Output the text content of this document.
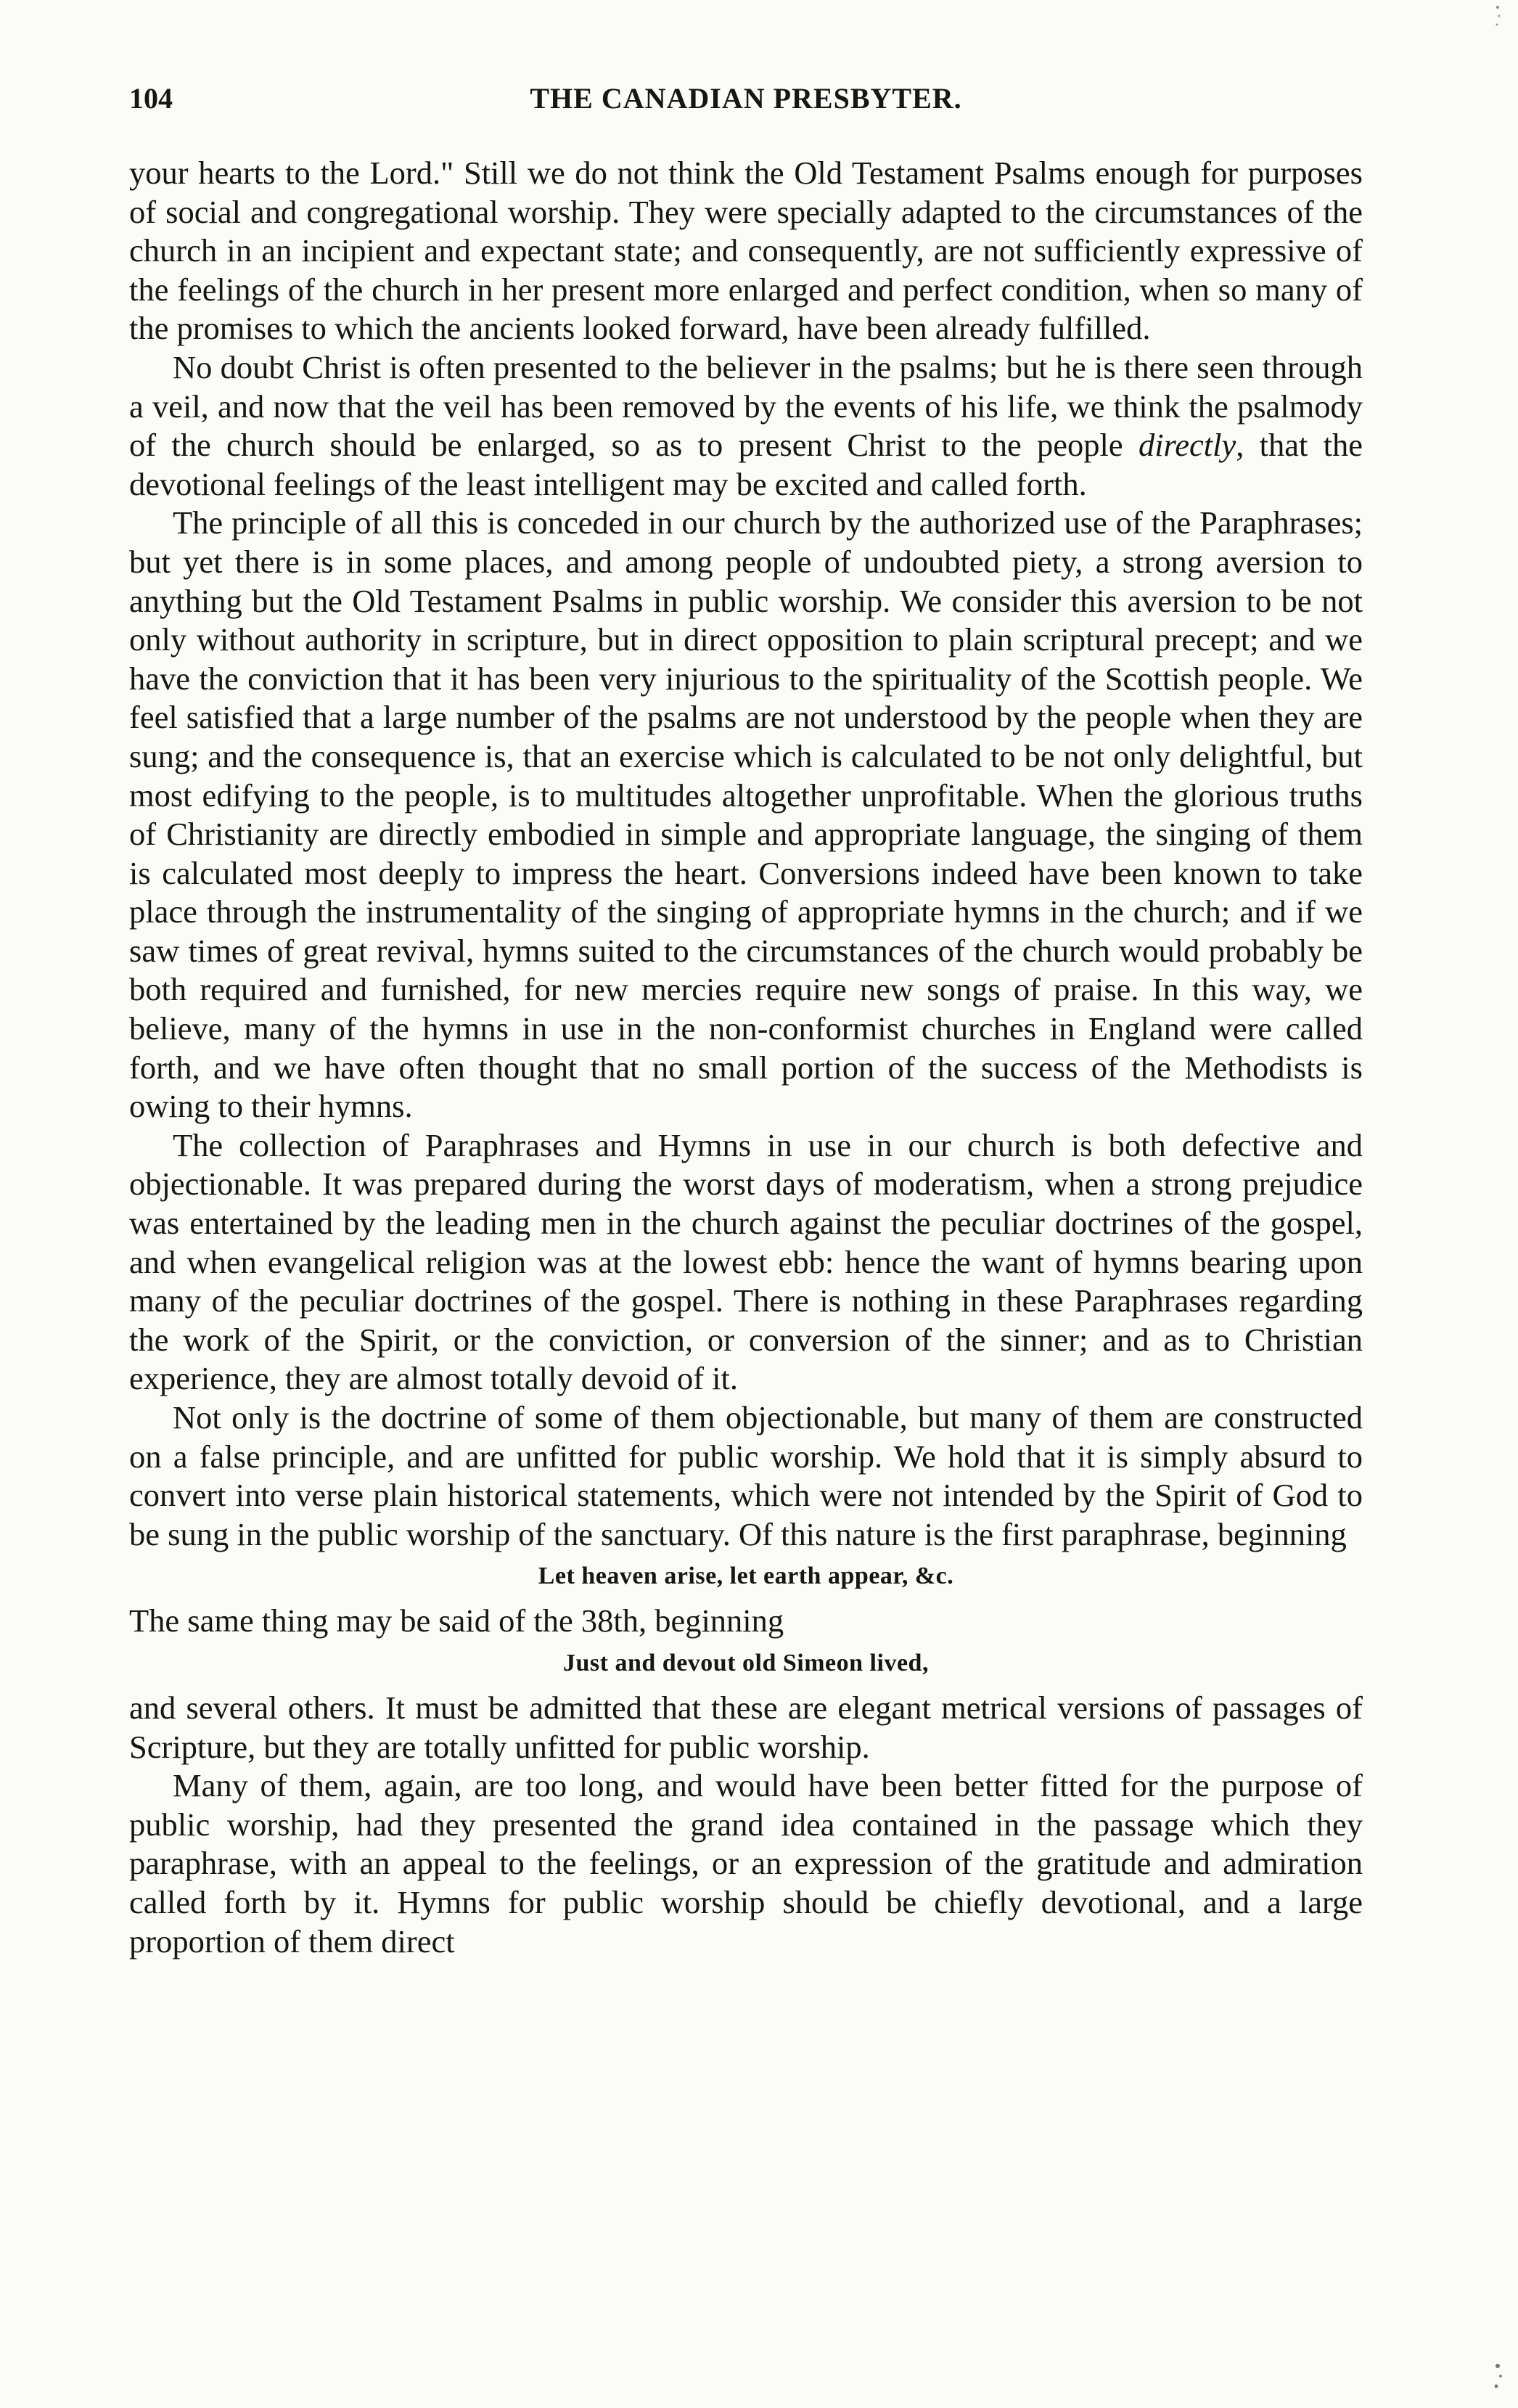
104	THE CANADIAN PRESBYTER.

your hearts to the Lord." Still we do not think the Old Testament Psalms enough for purposes of social and congregational worship. They were specially adapted to the circumstances of the church in an incipient and expectant state; and consequently, are not sufficiently expressive of the feelings of the church in her present more enlarged and perfect condition, when so many of the promises to which the ancients looked forward, have been already fulfilled.

No doubt Christ is often presented to the believer in the psalms; but he is there seen through a veil, and now that the veil has been removed by the events of his life, we think the psalmody of the church should be enlarged, so as to present Christ to the people directly, that the devotional feelings of the least intelligent may be excited and called forth.

The principle of all this is conceded in our church by the authorized use of the Paraphrases; but yet there is in some places, and among people of undoubted piety, a strong aversion to anything but the Old Testament Psalms in public worship. We consider this aversion to be not only without authority in scripture, but in direct opposition to plain scriptural precept; and we have the conviction that it has been very injurious to the spirituality of the Scottish people. We feel satisfied that a large number of the psalms are not understood by the people when they are sung; and the consequence is, that an exercise which is calculated to be not only delightful, but most edifying to the people, is to multitudes altogether unprofitable. When the glorious truths of Christianity are directly embodied in simple and appropriate language, the singing of them is calculated most deeply to impress the heart. Conversions indeed have been known to take place through the instrumentality of the singing of appropriate hymns in the church; and if we saw times of great revival, hymns suited to the circumstances of the church would probably be both required and furnished, for new mercies require new songs of praise. In this way, we believe, many of the hymns in use in the non-conformist churches in England were called forth, and we have often thought that no small portion of the success of the Methodists is owing to their hymns.

The collection of Paraphrases and Hymns in use in our church is both defective and objectionable. It was prepared during the worst days of moderatism, when a strong prejudice was entertained by the leading men in the church against the peculiar doctrines of the gospel, and when evangelical religion was at the lowest ebb: hence the want of hymns bearing upon many of the peculiar doctrines of the gospel. There is nothing in these Paraphrases regarding the work of the Spirit, or the conviction, or conversion of the sinner; and as to Christian experience, they are almost totally devoid of it.

Not only is the doctrine of some of them objectionable, but many of them are constructed on a false principle, and are unfitted for public worship. We hold that it is simply absurd to convert into verse plain historical statements, which were not intended by the Spirit of God to be sung in the public worship of the sanctuary. Of this nature is the first paraphrase, beginning

Let heaven arise, let earth appear, &c.

The same thing may be said of the 38th, beginning

Just and devout old Simeon lived,

and several others. It must be admitted that these are elegant metrical versions of passages of Scripture, but they are totally unfitted for public worship.

Many of them, again, are too long, and would have been better fitted for the purpose of public worship, had they presented the grand idea contained in the passage which they paraphrase, with an appeal to the feelings, or an expression of the gratitude and admiration called forth by it. Hymns for public worship should be chiefly devotional, and a large proportion of them direct
